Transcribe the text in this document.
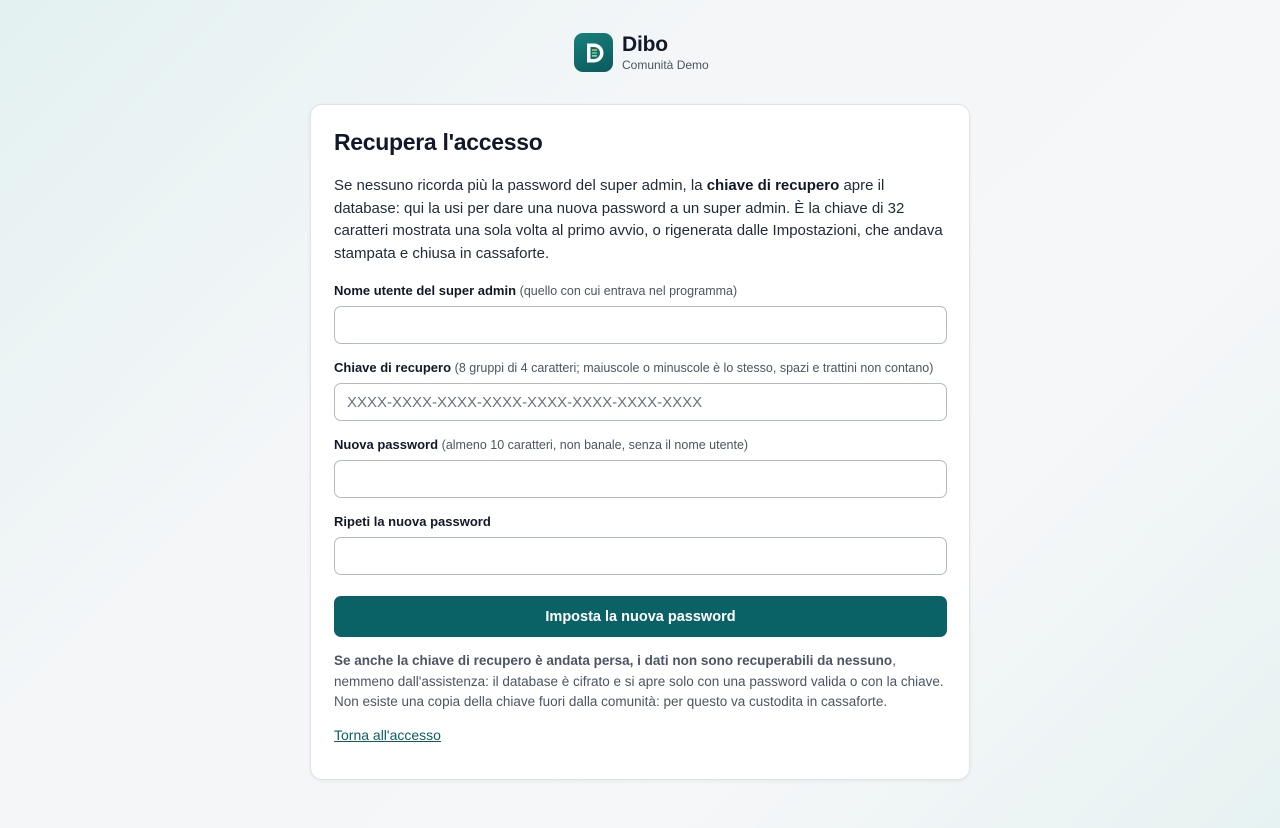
Dibo
Comunità Demo
Recupera l'accesso

Se nessuno ricorda più la password del super admin, la chiave di recupero apre il database: qui la usi per dare una nuova password a un super admin. È la chiave di 32 caratteri mostrata una sola volta al primo avvio, o rigenerata dalle Impostazioni, che andava stampata e chiusa in cassaforte.

Nome utente del super admin (quello con cui entrava nel programma)
Chiave di recupero (8 gruppi di 4 caratteri; maiuscole o minuscole è lo stesso, spazi e trattini non contano)
XXXX-XXXX-XXXX-XXXX-XXXX-XXXX-XXXX-XXXX
Nuova password (almeno 10 caratteri, non banale, senza il nome utente)
Ripeti la nuova password
Imposta la nuova password

Se anche la chiave di recupero è andata persa, i dati non sono recuperabili da nessuno, nemmeno dall'assistenza: il database è cifrato e si apre solo con una password valida o con la chiave. Non esiste una copia della chiave fuori dalla comunità: per questo va custodita in cassaforte.

Torna all'accesso
